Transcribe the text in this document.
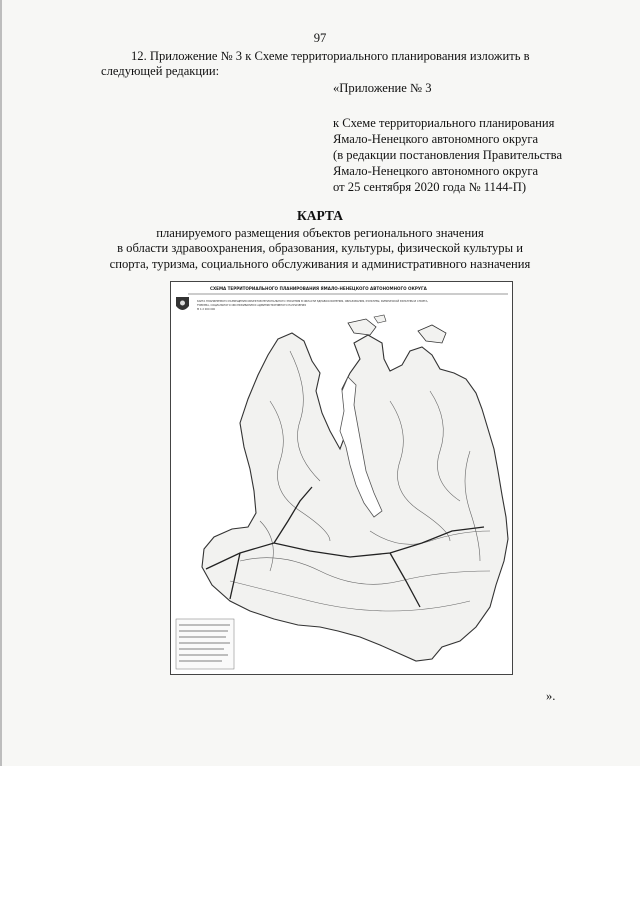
97
12. Приложение № 3 к Схеме территориального планирования изложить в
следующей редакции:
«Приложение № 3
к Схеме территориального планирования
Ямало-Ненецкого автономного округа
(в редакции постановления Правительства
Ямало-Ненецкого автономного округа
от 25 сентября 2020 года № 1144-П)
КАРТА
планируемого размещения объектов регионального значения
в области здравоохранения, образования, культуры, физической культуры и
спорта, туризма, социального обслуживания и административного назначения
СХЕМА ТЕРРИТОРИАЛЬНОГО ПЛАНИРОВАНИЯ ЯМАЛО-НЕНЕЦКОГО АВТОНОМНОГО ОКРУГА
КАРТА ПЛАНИРУЕМОГО РАЗМЕЩЕНИЯ ОБЪЕКТОВ РЕГИОНАЛЬНОГО ЗНАЧЕНИЯ В ОБЛАСТИ ЗДРАВООХРАНЕНИЯ, ОБРАЗОВАНИЯ, КУЛЬТУРЫ, ФИЗИЧЕСКОЙ КУЛЬТУРЫ И СПОРТА,
ТУРИЗМА, СОЦИАЛЬНОГО ОБСЛУЖИВАНИЯ И АДМИНИСТРАТИВНОГО НАЗНАЧЕНИЯ
М 1:2 000 000
».
